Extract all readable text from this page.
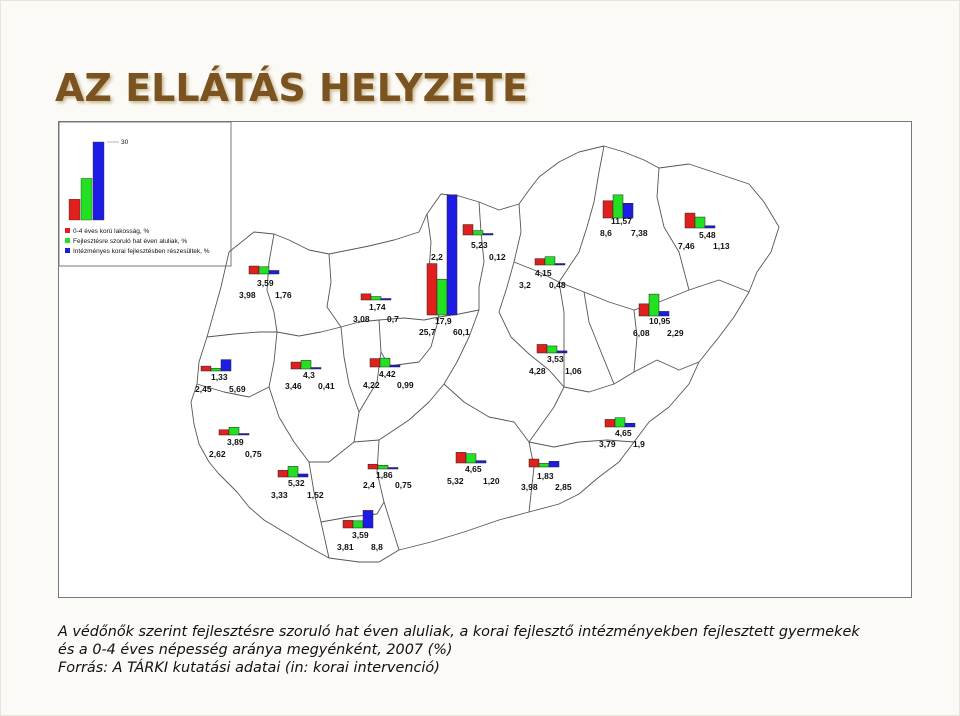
AZ ELLÁTÁS HELYZETE
30
0-4 éves korú lakosság, %
Fejlesztésre szoruló hat éven aluliak, %
Intézményes korai fejlesztésben részesültek, %
3,59
3,98 1,76
1,74
3,08 0,7	17,9
25,7 60,1
5,23
2,2	0,12
4,15
3,2 0,48
11,57
8,6 7,38	5,48
7,46 1,13
10,95
6,08 2,29
1,33
2,45 5,69
4,3
3,46 0,41
4,42
4,22 0,99
3,53
4,28 1,06
3,89
2,62 0,75
4,65
3,79 1,9
5,32
3,33 1,52
1,86
2,4 0,75
4,65
5,32 1,20	1,83
3,98 2,85
3,59
3,81 8,8
A védőnők szerint fejlesztésre szoruló hat éven aluliak, a korai fejlesztő intézményekben fejlesztett gyermekek
és a 0-4 éves népesség aránya megyénként, 2007 (%)
Forrás: A TÁRKI kutatási adatai (in: korai intervenció)
